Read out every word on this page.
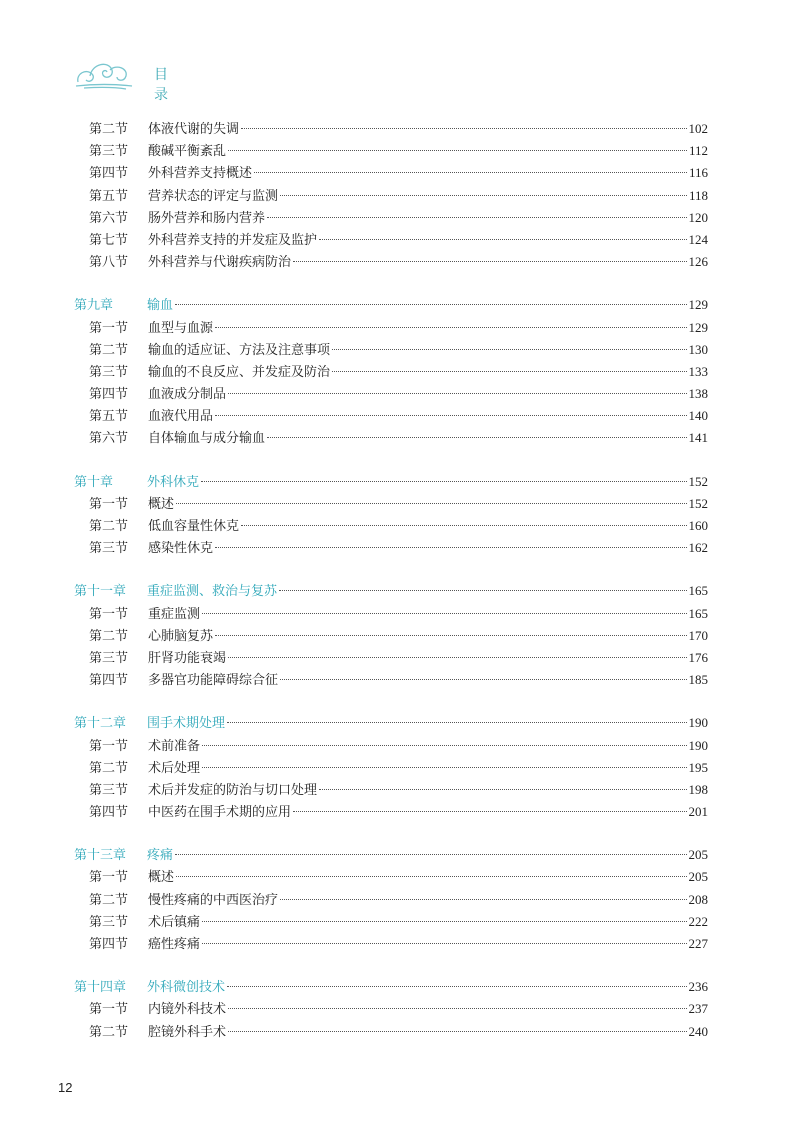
目 录
第二节	体液代谢的失调	102
第三节	酸碱平衡紊乱	112
第四节	外科营养支持概述	116
第五节	营养状态的评定与监测	118
第六节	肠外营养和肠内营养	120
第七节	外科营养支持的并发症及监护	124
第八节	外科营养与代谢疾病防治	126
第九章	输血	129
第一节	血型与血源	129
第二节	输血的适应证、方法及注意事项	130
第三节	输血的不良反应、并发症及防治	133
第四节	血液成分制品	138
第五节	血液代用品	140
第六节	自体输血与成分输血	141
第十章	外科休克	152
第一节	概述	152
第二节	低血容量性休克	160
第三节	感染性休克	162
第十一章	重症监测、救治与复苏	165
第一节	重症监测	165
第二节	心肺脑复苏	170
第三节	肝肾功能衰竭	176
第四节	多器官功能障碍综合征	185
第十二章	围手术期处理	190
第一节	术前准备	190
第二节	术后处理	195
第三节	术后并发症的防治与切口处理	198
第四节	中医药在围手术期的应用	201
第十三章	疼痛	205
第一节	概述	205
第二节	慢性疼痛的中西医治疗	208
第三节	术后镇痛	222
第四节	癌性疼痛	227
第十四章	外科微创技术	236
第一节	内镜外科技术	237
第二节	腔镜外科手术	240
12
